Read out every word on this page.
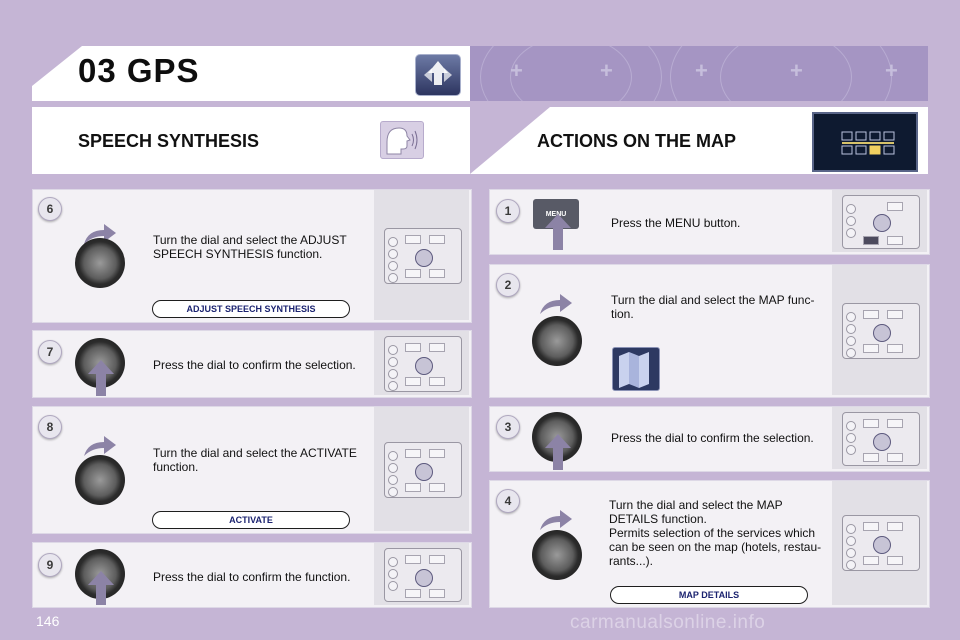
03 GPS	+	+	+	+	+
SPEECH SYNTHESIS	ACTIONS ON THE MAP
6
Turn the dial and select the ADJUST
SPEECH SYNTHESIS function.
ADJUST SPEECH SYNTHESIS
7
Press the dial to confirm the selection.
8
Turn the dial and select the ACTIVATE
function.
ACTIVATE
9
Press the dial to confirm the function.
1	MENU
Press the MENU button.
2
Turn the dial and select the MAP func-
tion.
3
Press the dial to confirm the selection.
4	Turn the dial and select the MAP
DETAILS function.
Permits selection of the services which
can be seen on the map (hotels, restau-
rants...).
MAP DETAILS
146	carmanualsonline.info
